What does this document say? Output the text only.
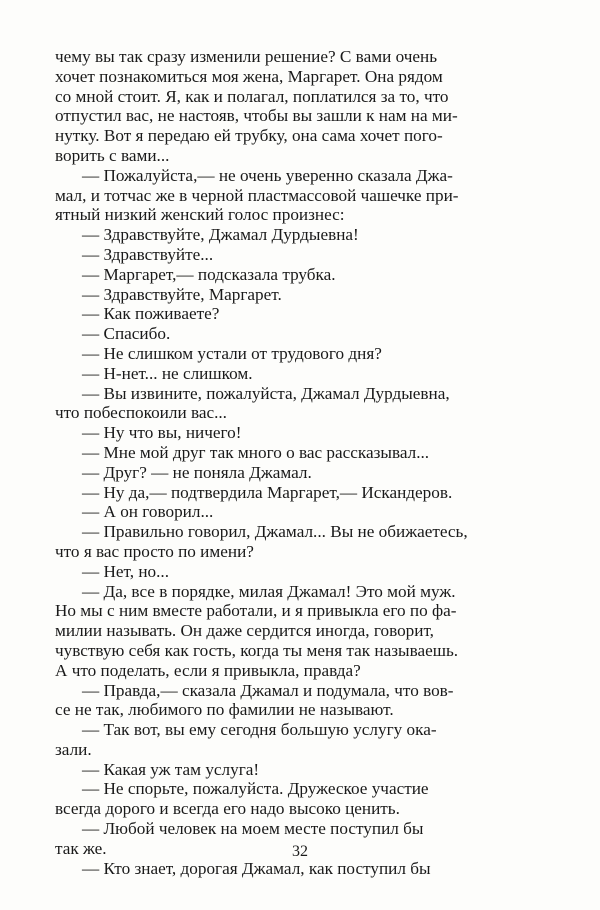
чему вы так сразу изменили решение? С вами очень
хочет познакомиться моя жена, Маргарет. Она рядом
со мной стоит. Я, как и полагал, поплатился за то, что
отпустил вас, не настояв, чтобы вы зашли к нам на ми-
нутку. Вот я передаю ей трубку, она сама хочет пого-
ворить с вами...
— Пожалуйста,— не очень уверенно сказала Джа-
мал, и тотчас же в черной пластмассовой чашечке при-
ятный низкий женский голос произнес:
— Здравствуйте, Джамал Дурдыевна!
— Здравствуйте...
— Маргарет,— подсказала трубка.
— Здравствуйте, Маргарет.
— Как поживаете?
— Спасибо.
— Не слишком устали от трудового дня?
— Н-нет... не слишком.
— Вы извините, пожалуйста, Джамал Дурдыевна,
что побеспокоили вас...
— Ну что вы, ничего!
— Мне мой друг так много о вас рассказывал...
— Друг? — не поняла Джамал.
— Ну да,— подтвердила Маргарет,— Искандеров.
— А он говорил...
— Правильно говорил, Джамал... Вы не обижаетесь,
что я вас просто по имени?
— Нет, но...
— Да, все в порядке, милая Джамал! Это мой муж.
Но мы с ним вместе работали, и я привыкла его по фа-
милии называть. Он даже сердится иногда, говорит,
чувствую себя как гость, когда ты меня так называешь.
А что поделать, если я привыкла, правда?
— Правда,— сказала Джамал и подумала, что вов-
се не так, любимого по фамилии не называют.
— Так вот, вы ему сегодня большую услугу ока-
зали.
— Какая уж там услуга!
— Не спорьте, пожалуйста. Дружеское участие
всегда дорого и всегда его надо высоко ценить.
— Любой человек на моем месте поступил бы
так же.
— Кто знает, дорогая Джамал, как поступил бы
32
